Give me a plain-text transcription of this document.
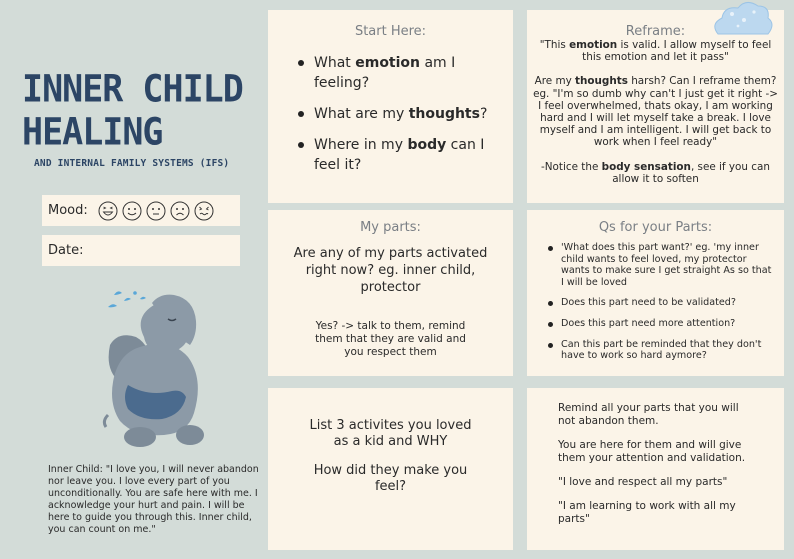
INNER CHILD
HEALING

AND INTERNAL FAMILY SYSTEMS (IFS)

Mood:
Date:

Inner Child: "I love you, I will never abandon nor leave you. I love every part of you unconditionally. You are safe here with me. I acknowledge your hurt and pain. I will be here to guide you through this. Inner child, you can count on me."

Start Here:

What emotion am I feeling?
What are my thoughts?
Where in my body can I feel it?

Reframe:

"This emotion is valid. I allow myself to feel this emotion and let it pass"

Are my thoughts harsh? Can I reframe them? eg. "I'm so dumb why can't I just get it right -> I feel overwhelmed, thats okay, I am working hard and I will let myself take a break. I love myself and I am intelligent. I will get back to work when I feel ready"

-Notice the body sensation, see if you can allow it to soften

My parts:

Are any of my parts activated right now? eg. inner child, protector

Yes? -> talk to them, remind them that they are valid and you respect them

Qs for your Parts:

'What does this part want?' eg. 'my inner child wants to feel loved, my protector wants to make sure I get straight As so that I will be loved
Does this part need to be validated?
Does this part need more attention?
Can this part be reminded that they don't have to work so hard aymore?

List 3 activites you loved as a kid and WHY

How did they make you feel?

Remind all your parts that you will not abandon them.

You are here for them and will give them your attention and validation.

"I love and respect all my parts"

"I am learning to work with all my parts"
